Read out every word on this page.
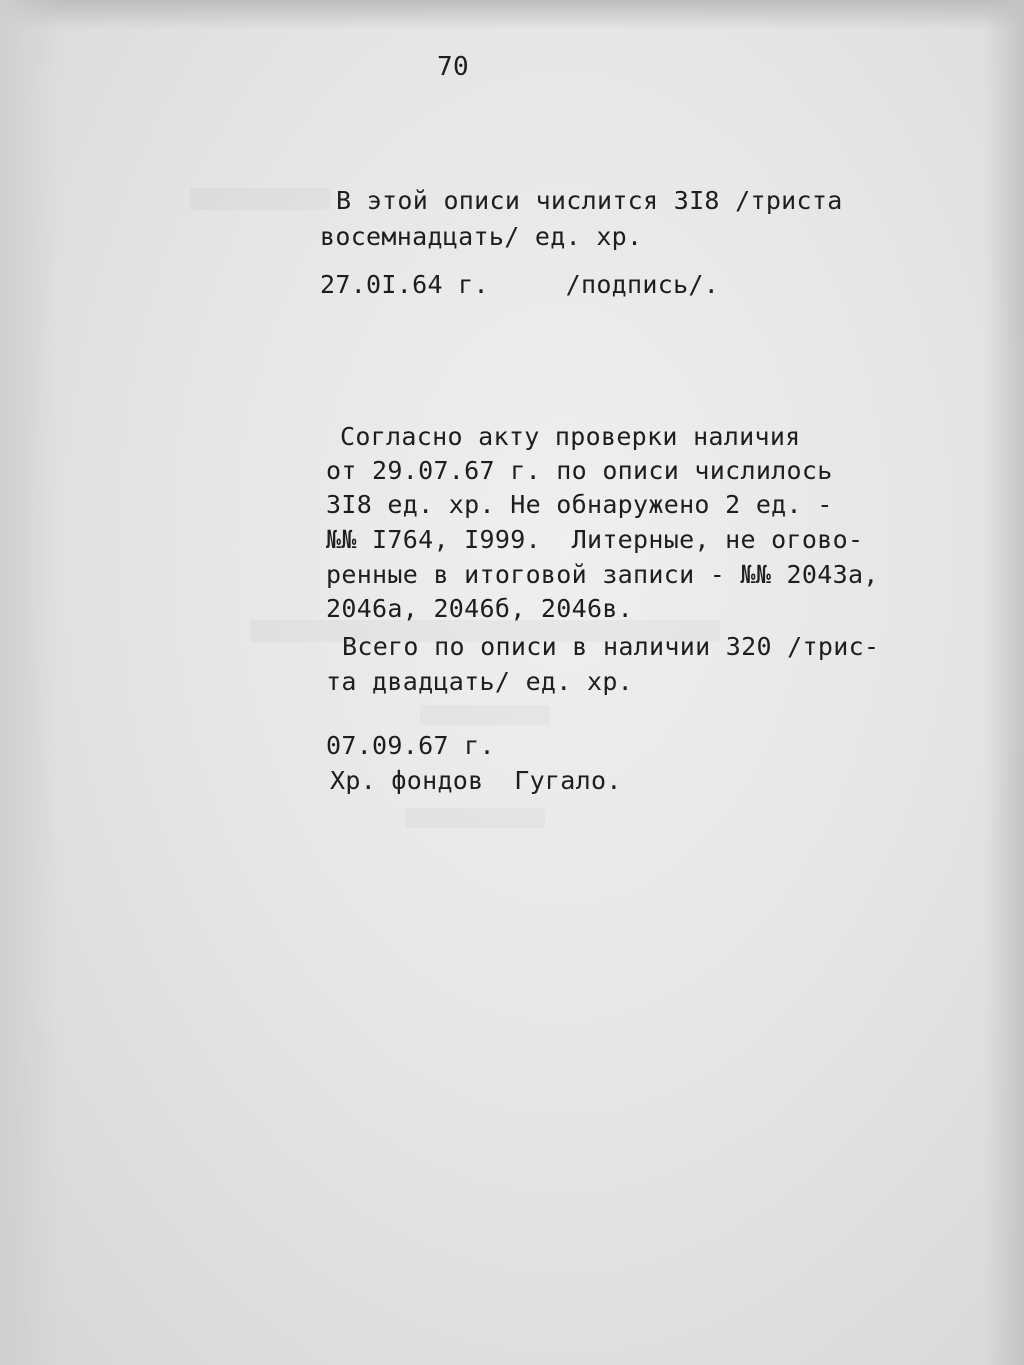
70
В этой описи числится 3I8 /триста
восемнадцать/ ед. хр.
27.0I.64 г.     /подпись/.
Согласно акту проверки наличия
от 29.07.67 г. по описи числилось
3I8 ед. хр. Не обнаружено 2 ед. -
№№ I764, I999.  Литерные, не огово-
ренные в итоговой записи - №№ 2043а,
2046а, 2046б, 2046в.
Всего по описи в наличии 320 /трис-
та двадцать/ ед. хр.
07.09.67 г.
Хр. фондов  Гугало.
